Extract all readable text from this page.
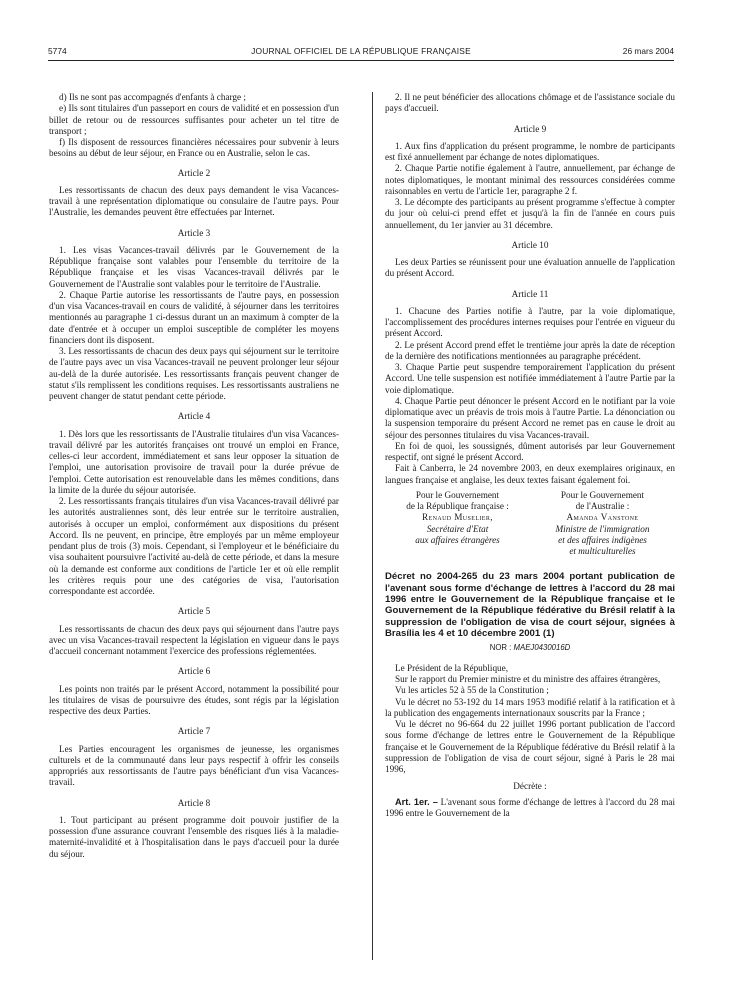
5774	JOURNAL OFFICIEL DE LA RÉPUBLIQUE FRANÇAISE	26 mars 2004

d) Ils ne sont pas accompagnés d'enfants à charge ;

e) Ils sont titulaires d'un passeport en cours de validité et en possession d'un billet de retour ou de ressources suffisantes pour acheter un tel titre de transport ;

f) Ils disposent de ressources financières nécessaires pour subvenir à leurs besoins au début de leur séjour, en France ou en Australie, selon le cas.

Article 2

Les ressortissants de chacun des deux pays demandent le visa Vacances-travail à une représentation diplomatique ou consulaire de l'autre pays. Pour l'Australie, les demandes peuvent être effectuées par Internet.

Article 3

1. Les visas Vacances-travail délivrés par le Gouvernement de la République française sont valables pour l'ensemble du territoire de la République française et les visas Vacances-travail délivrés par le Gouvernement de l'Australie sont valables pour le territoire de l'Australie.

2. Chaque Partie autorise les ressortissants de l'autre pays, en possession d'un visa Vacances-travail en cours de validité, à séjourner dans les territoires mentionnés au paragraphe 1 ci-dessus durant un an maximum à compter de la date d'entrée et à occuper un emploi susceptible de compléter les moyens financiers dont ils disposent.

3. Les ressortissants de chacun des deux pays qui séjournent sur le territoire de l'autre pays avec un visa Vacances-travail ne peuvent prolonger leur séjour au-delà de la durée autorisée. Les ressortissants français peuvent changer de statut s'ils remplissent les conditions requises. Les ressortissants australiens ne peuvent changer de statut pendant cette période.

Article 4

1. Dès lors que les ressortissants de l'Australie titulaires d'un visa Vacances-travail délivré par les autorités françaises ont trouvé un emploi en France, celles-ci leur accordent, immédiatement et sans leur opposer la situation de l'emploi, une autorisation provisoire de travail pour la durée prévue de l'emploi. Cette autorisation est renouvelable dans les mêmes conditions, dans la limite de la durée du séjour autorisée.

2. Les ressortissants français titulaires d'un visa Vacances-travail délivré par les autorités australiennes sont, dès leur entrée sur le territoire australien, autorisés à occuper un emploi, conformément aux dispositions du présent Accord. Ils ne peuvent, en principe, être employés par un même employeur pendant plus de trois (3) mois. Cependant, si l'employeur et le bénéficiaire du visa souhaitent poursuivre l'activité au-delà de cette période, et dans la mesure où la demande est conforme aux conditions de l'article 1er et où elle remplit les critères requis pour une des catégories de visa, l'autorisation correspondante est accordée.

Article 5

Les ressortissants de chacun des deux pays qui séjournent dans l'autre pays avec un visa Vacances-travail respectent la législation en vigueur dans le pays d'accueil concernant notamment l'exercice des professions réglementées.

Article 6

Les points non traités par le présent Accord, notamment la possibilité pour les titulaires de visas de poursuivre des études, sont régis par la législation respective des deux Parties.

Article 7

Les Parties encouragent les organismes de jeunesse, les organismes culturels et de la communauté dans leur pays respectif à offrir les conseils appropriés aux ressortissants de l'autre pays bénéficiant d'un visa Vacances-travail.

Article 8

1. Tout participant au présent programme doit pouvoir justifier de la possession d'une assurance couvrant l'ensemble des risques liés à la maladie-maternité-invalidité et à l'hospitalisation dans le pays d'accueil pour la durée du séjour.

2. Il ne peut bénéficier des allocations chômage et de l'assistance sociale du pays d'accueil.

Article 9

1. Aux fins d'application du présent programme, le nombre de participants est fixé annuellement par échange de notes diplomatiques.

2. Chaque Partie notifie également à l'autre, annuellement, par échange de notes diplomatiques, le montant minimal des ressources considérées comme raisonnables en vertu de l'article 1er, paragraphe 2 f.

3. Le décompte des participants au présent programme s'effectue à compter du jour où celui-ci prend effet et jusqu'à la fin de l'année en cours puis annuellement, du 1er janvier au 31 décembre.

Article 10

Les deux Parties se réunissent pour une évaluation annuelle de l'application du présent Accord.

Article 11

1. Chacune des Parties notifie à l'autre, par la voie diplomatique, l'accomplissement des procédures internes requises pour l'entrée en vigueur du présent Accord.

2. Le présent Accord prend effet le trentième jour après la date de réception de la dernière des notifications mentionnées au paragraphe précédent.

3. Chaque Partie peut suspendre temporairement l'application du présent Accord. Une telle suspension est notifiée immédiatement à l'autre Partie par la voie diplomatique.

4. Chaque Partie peut dénoncer le présent Accord en le notifiant par la voie diplomatique avec un préavis de trois mois à l'autre Partie. La dénonciation ou la suspension temporaire du présent Accord ne remet pas en cause le droit au séjour des personnes titulaires du visa Vacances-travail.

En foi de quoi, les soussignés, dûment autorisés par leur Gouvernement respectif, ont signé le présent Accord.

Fait à Canberra, le 24 novembre 2003, en deux exemplaires originaux, en langues française et anglaise, les deux textes faisant également foi.

Pour le Gouvernement
de la République française :
Renaud Muselier,
Secrétaire d'Etat
aux affaires étrangères
Pour le Gouvernement
de l'Australie :
Amanda Vanstone
Ministre de l'immigration
et des affaires indigènes
et multiculturelles
Décret no 2004-265 du 23 mars 2004 portant publication de l'avenant sous forme d'échange de lettres à l'accord du 28 mai 1996 entre le Gouvernement de la République française et le Gouvernement de la République fédérative du Brésil relatif à la suppression de l'obligation de visa de court séjour, signées à Brasília les 4 et 10 décembre 2001 (1)
NOR : MAEJ0430016D

Le Président de la République,

Sur le rapport du Premier ministre et du ministre des affaires étrangères,

Vu les articles 52 à 55 de la Constitution ;

Vu le décret no 53-192 du 14 mars 1953 modifié relatif à la ratification et à la publication des engagements internationaux souscrits par la France ;

Vu le décret no 96-664 du 22 juillet 1996 portant publication de l'accord sous forme d'échange de lettres entre le Gouvernement de la République française et le Gouvernement de la République fédérative du Brésil relatif à la suppression de l'obligation de visa de court séjour, signé à Paris le 28 mai 1996,

Décrète :

Art. 1er. – L'avenant sous forme d'échange de lettres à l'accord du 28 mai 1996 entre le Gouvernement de la
